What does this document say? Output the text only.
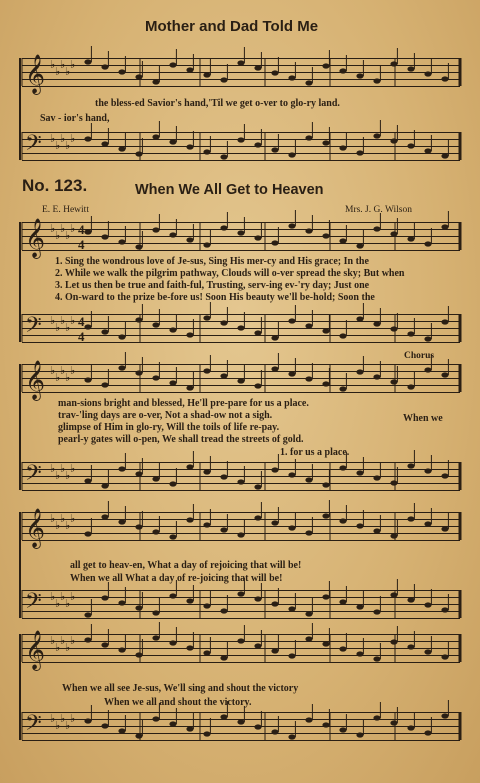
Mother and Dad Told Me
the bless-ed Savior's hand,'Til we get o-ver to glo-ry land.
Sav - ior's hand,
No. 123.	When We All Get to Heaven
E. E. Hewitt	Mrs. J. G. Wilson
1. Sing the wondrous love of Je-sus, Sing His mer-cy and His grace; In the
2. While we walk the pilgrim pathway, Clouds will o-ver spread the sky; But when
3. Let us then be true and faith-ful, Trusting, serv-ing ev-'ry day; Just one
4. On-ward to the prize be-fore us! Soon His beauty we'll be-hold; Soon the
Chorus
man-sions bright and blessed, He'll pre-pare for us a place.
trav-'ling days are o-ver, Not a shad-ow not a sigh.
glimpse of Him in glo-ry, Will the toils of life re-pay.
pearl-y gates will o-pen, We shall tread the streets of gold.
When we
1. for us a place.
all get to heav-en, What a day of rejoicing that will be!
When we all What a day of re-joicing that will be!
When we all see Je-sus, We'll sing and shout the victory
When we all and shout the victory.
𝄞 ♭
♭
♭
♭
♭
𝄢 ♭
♭
♭
♭
♭
𝄞 ♭
♭
♭
♭
♭
𝄢 ♭
♭
♭
♭
♭
𝄞 ♭
♭
♭
♭
♭
𝄢 ♭
♭
♭
♭
♭
𝄞 ♭
♭
♭
♭
♭
𝄢 ♭
♭
♭
♭
♭
𝄞 ♭
♭
♭
♭
♭
𝄢 ♭
♭
♭
♭
♭
4
4
4
4
